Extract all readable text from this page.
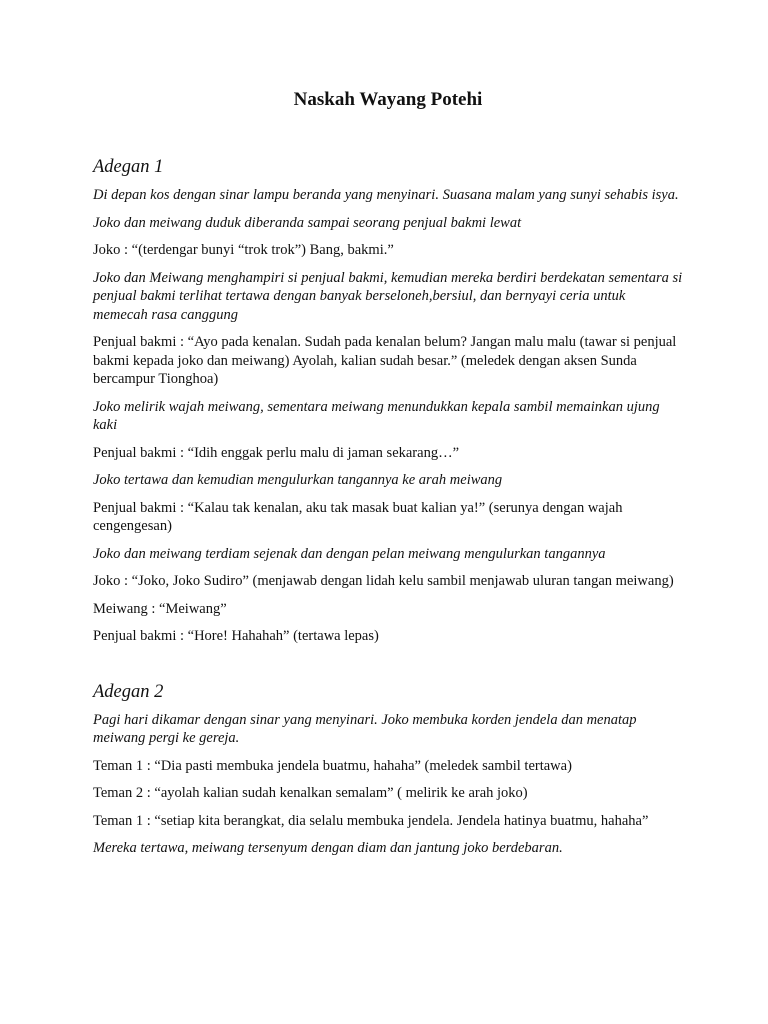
Naskah Wayang Potehi
Adegan 1

Di depan kos dengan sinar lampu beranda yang menyinari. Suasana malam yang sunyi sehabis isya.

Joko dan meiwang duduk diberanda sampai seorang penjual bakmi lewat

Joko : “(terdengar bunyi “trok trok”) Bang, bakmi.”

Joko dan Meiwang menghampiri si penjual bakmi, kemudian mereka berdiri berdekatan sementara si penjual bakmi terlihat tertawa dengan banyak berseloneh,bersiul, dan bernyayi ceria untuk memecah rasa canggung

Penjual bakmi : “Ayo pada kenalan. Sudah pada kenalan belum? Jangan malu malu (tawar si penjual bakmi kepada joko dan meiwang) Ayolah, kalian sudah besar.” (meledek dengan aksen Sunda bercampur Tionghoa)

Joko melirik wajah meiwang, sementara meiwang menundukkan kepala sambil memainkan ujung kaki

Penjual bakmi : “Idih enggak perlu malu di jaman sekarang…”

Joko tertawa dan kemudian mengulurkan tangannya ke arah meiwang

Penjual bakmi : “Kalau tak kenalan, aku tak masak buat kalian ya!” (serunya dengan wajah cengengesan)

Joko dan meiwang terdiam sejenak dan dengan pelan meiwang mengulurkan tangannya

Joko : “Joko, Joko Sudiro” (menjawab dengan lidah kelu sambil menjawab uluran tangan meiwang)

Meiwang : “Meiwang”

Penjual bakmi : “Hore! Hahahah” (tertawa lepas)

Adegan 2

Pagi hari dikamar dengan sinar yang menyinari. Joko membuka korden jendela dan menatap meiwang pergi ke gereja.

Teman 1 : “Dia pasti membuka jendela buatmu, hahaha” (meledek sambil tertawa)

Teman 2 : “ayolah kalian sudah kenalkan semalam” ( melirik ke arah joko)

Teman 1 : “setiap kita berangkat, dia selalu membuka jendela. Jendela hatinya buatmu, hahaha”

Mereka tertawa, meiwang tersenyum dengan diam dan jantung joko berdebaran.
